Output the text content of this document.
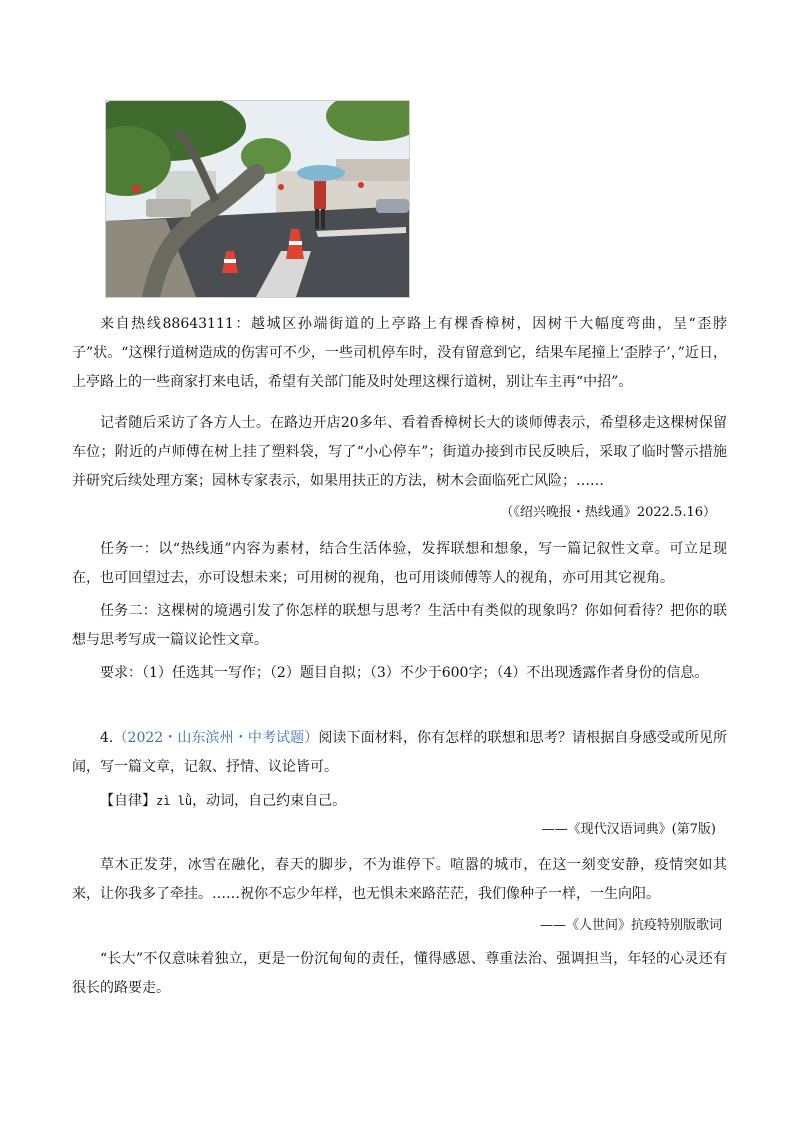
来自热线88643111：越城区孙端街道的上亭路上有棵香樟树，因树干大幅度弯曲，呈“歪脖子”状。“这棵行道树造成的伤害可不少，一些司机停车时，没有留意到它，结果车尾撞上‘歪脖子’，”近日，上亭路上的一些商家打来电话，希望有关部门能及时处理这棵行道树，别让车主再“中招”。

记者随后采访了各方人士。在路边开店20多年、看着香樟树长大的谈师傅表示，希望移走这棵树保留车位；附近的卢师傅在树上挂了塑料袋，写了“小心停车”；街道办接到市民反映后，采取了临时警示措施并研究后续处理方案；园林专家表示，如果用扶正的方法，树木会面临死亡风险；……

（《绍兴晚报・热线通》2022.5.16）

任务一：以“热线通”内容为素材，结合生活体验，发挥联想和想象，写一篇记叙性文章。可立足现在，也可回望过去，亦可设想未来；可用树的视角，也可用谈师傅等人的视角，亦可用其它视角。

任务二：这棵树的境遇引发了你怎样的联想与思考？生活中有类似的现象吗？你如何看待？把你的联想与思考写成一篇议论性文章。

要求：（1）任选其一写作；（2）题目自拟；（3）不少于600字；（4）不出现透露作者身份的信息。

4.（2022・山东滨州・中考试题）阅读下面材料，你有怎样的联想和思考？请根据自身感受或所见所闻，写一篇文章，记叙、抒情、议论皆可。

【自律】zì lǜ，动词，自己约束自己。

——《现代汉语词典》(第7版)

草木正发芽，冰雪在融化，春天的脚步，不为谁停下。喧嚣的城市，在这一刻变安静，疫情突如其来，让你我多了牵挂。……祝你不忘少年样，也无惧未来路茫茫，我们像种子一样，一生向阳。

——《人世间》抗疫特别版歌词

“长大”不仅意味着独立，更是一份沉甸甸的责任，懂得感恩、尊重法治、强调担当，年轻的心灵还有很长的路要走。
